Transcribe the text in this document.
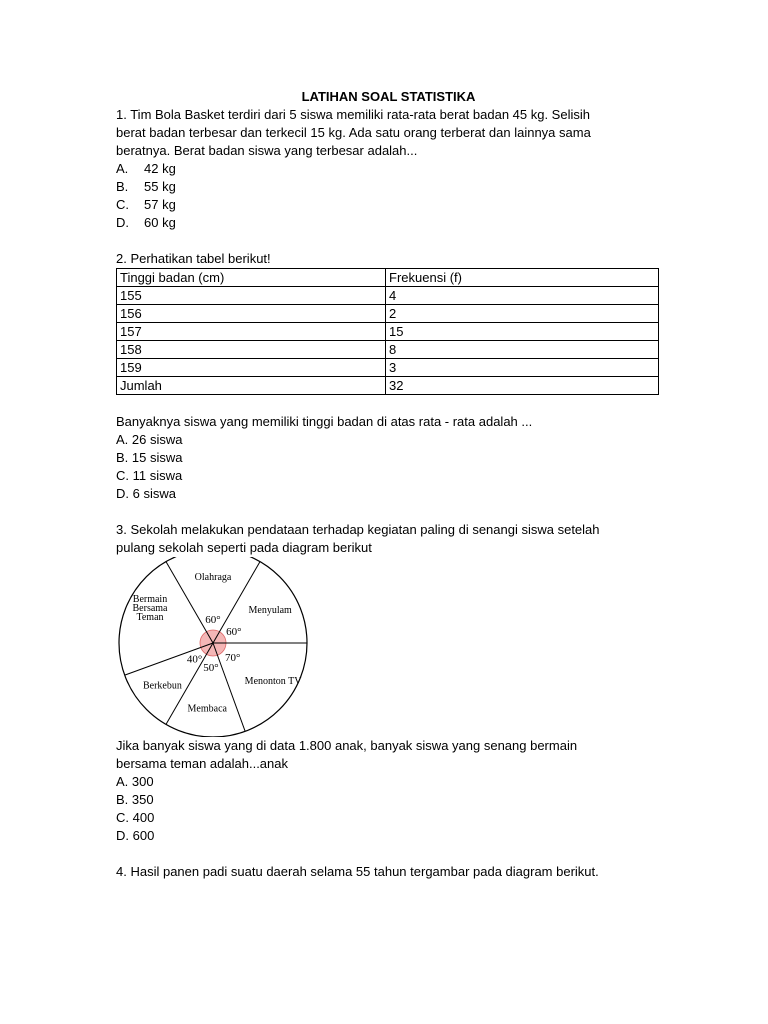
LATIHAN SOAL STATISTIKA
1. Tim Bola Basket terdiri dari 5 siswa memiliki rata-rata berat badan 45 kg. Selisih
berat badan terbesar dan terkecil 15 kg. Ada satu orang terberat dan lainnya sama
beratnya. Berat badan siswa yang terbesar adalah...
A. 42 kg
B. 55 kg
C. 57 kg
D. 60 kg
2. Perhatikan tabel berikut!
Tinggi badan (cm)	Frekuensi (f)
155	4
156	2
157	15
158	8
159	3
Jumlah	32
Banyaknya siswa yang memiliki tinggi badan di atas rata - rata adalah ...
A. 26 siswa
B. 15 siswa
C. 11 siswa
D. 6 siswa
3. Sekolah melakukan pendataan terhadap kegiatan paling di senangi siswa setelah
pulang sekolah seperti pada diagram berikut
Olahraga
Menyulam
Menonton TV
Membaca
Berkebun
Bermain
Bersama
Teman	60°
60°
70°
50°
40°
Jika banyak siswa yang di data 1.800 anak, banyak siswa yang senang bermain
bersama teman adalah...anak
A. 300
B. 350
C. 400
D. 600
4. Hasil panen padi suatu daerah selama 55 tahun tergambar pada diagram berikut.
